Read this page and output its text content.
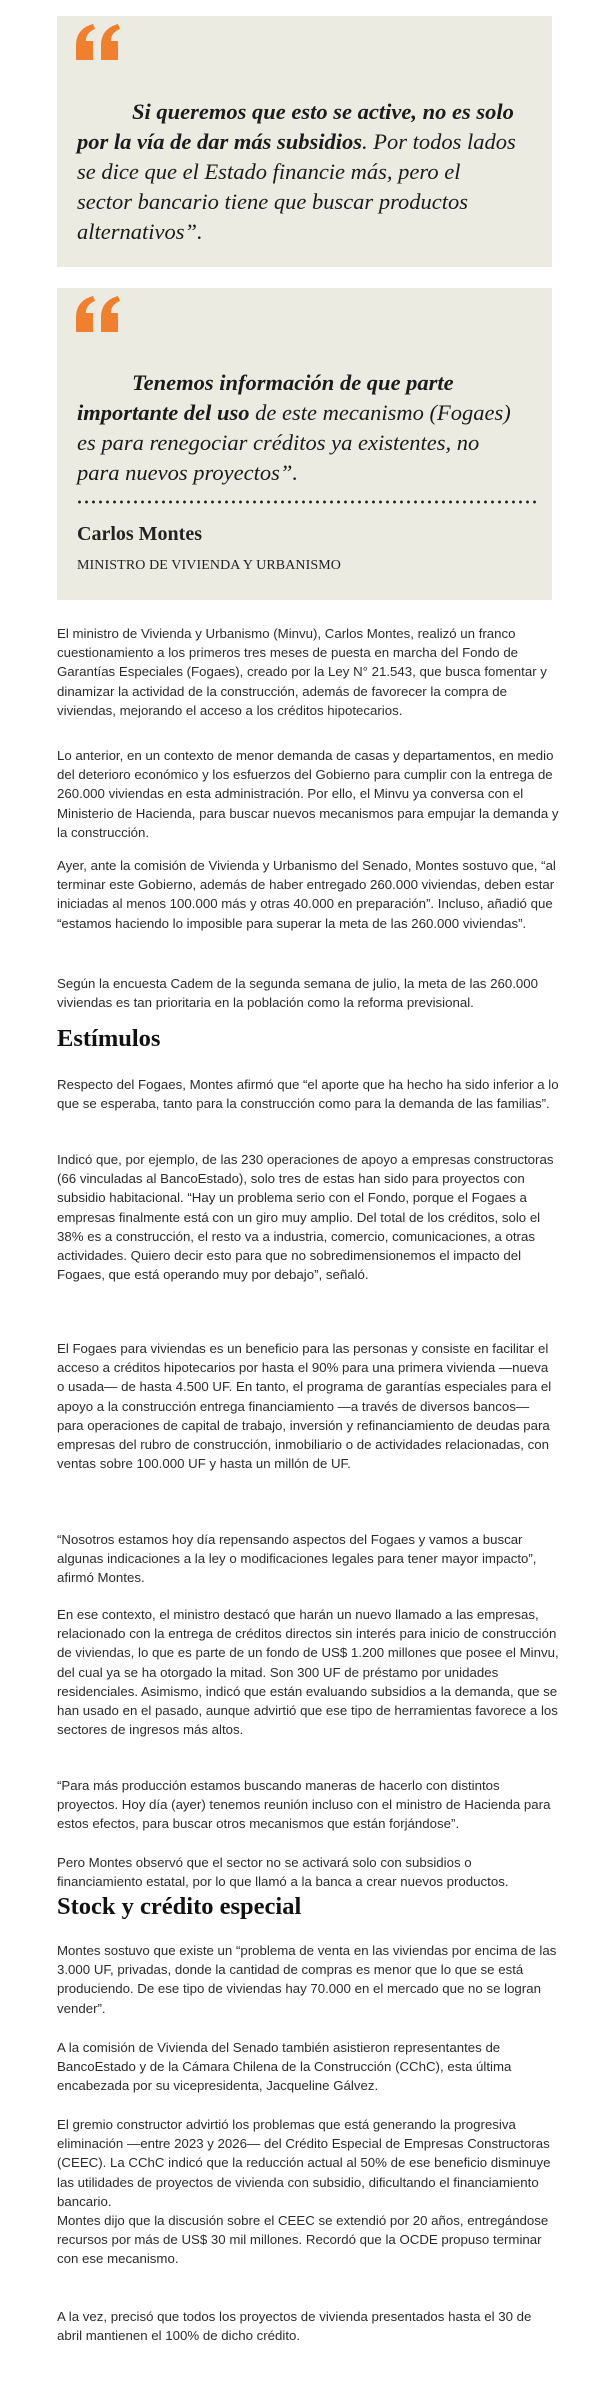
Si queremos que esto se active, no es solo por la vía de dar más subsidios. Por todos lados se dice que el Estado financie más, pero el sector bancario tiene que buscar productos alternativos”.

Tenemos información de que parte importante del uso de este mecanismo (Fogaes) es para renegociar créditos ya existentes, no para nuevos proyectos”.

Carlos Montes
MINISTRO DE VIVIENDA Y URBANISMO

El ministro de Vivienda y Urbanismo (Minvu), Carlos Montes, realizó un franco cuestionamiento a los primeros tres meses de puesta en marcha del Fondo de Garantías Especiales (Fogaes), creado por la Ley N° 21.543, que busca fomentar y dinamizar la actividad de la construcción, además de favorecer la compra de viviendas, mejorando el acceso a los créditos hipotecarios.

Lo anterior, en un contexto de menor demanda de casas y departamentos, en medio del deterioro económico y los esfuerzos del Gobierno para cumplir con la entrega de 260.000 viviendas en esta administración. Por ello, el Minvu ya conversa con el Ministerio de Hacienda, para buscar nuevos mecanismos para empujar la demanda y la construcción.

Ayer, ante la comisión de Vivienda y Urbanismo del Senado, Montes sostuvo que, “al terminar este Gobierno, además de haber entregado 260.000 viviendas, deben estar iniciadas al menos 100.000 más y otras 40.000 en preparación”. Incluso, añadió que “estamos haciendo lo imposible para superar la meta de las 260.000 viviendas”.

Según la encuesta Cadem de la segunda semana de julio, la meta de las 260.000 viviendas es tan prioritaria en la población como la reforma previsional.

Estímulos

Respecto del Fogaes, Montes afirmó que “el aporte que ha hecho ha sido inferior a lo que se esperaba, tanto para la construcción como para la demanda de las familias”.

Indicó que, por ejemplo, de las 230 operaciones de apoyo a empresas constructoras (66 vinculadas al BancoEstado), solo tres de estas han sido para proyectos con subsidio habitacional. “Hay un problema serio con el Fondo, porque el Fogaes a empresas finalmente está con un giro muy amplio. Del total de los créditos, solo el 38% es a construcción, el resto va a industria, comercio, comunicaciones, a otras actividades. Quiero decir esto para que no sobredimensionemos el impacto del Fogaes, que está operando muy por debajo”, señaló.

El Fogaes para viviendas es un beneficio para las personas y consiste en facilitar el acceso a créditos hipotecarios por hasta el 90% para una primera vivienda —nueva o usada— de hasta 4.500 UF. En tanto, el programa de garantías especiales para el apoyo a la construcción entrega financiamiento —a través de diversos bancos— para operaciones de capital de trabajo, inversión y refinanciamiento de deudas para empresas del rubro de construcción, inmobiliario o de actividades relacionadas, con ventas sobre 100.000 UF y hasta un millón de UF.

“Nosotros estamos hoy día repensando aspectos del Fogaes y vamos a buscar algunas indicaciones a la ley o modificaciones legales para tener mayor impacto”, afirmó Montes.

En ese contexto, el ministro destacó que harán un nuevo llamado a las empresas, relacionado con la entrega de créditos directos sin interés para inicio de construcción de viviendas, lo que es parte de un fondo de US$ 1.200 millones que posee el Minvu, del cual ya se ha otorgado la mitad. Son 300 UF de préstamo por unidades residenciales. Asimismo, indicó que están evaluando subsidios a la demanda, que se han usado en el pasado, aunque advirtió que ese tipo de herramientas favorece a los sectores de ingresos más altos.

“Para más producción estamos buscando maneras de hacerlo con distintos proyectos. Hoy día (ayer) tenemos reunión incluso con el ministro de Hacienda para estos efectos, para buscar otros mecanismos que están forjándose”.

Pero Montes observó que el sector no se activará solo con subsidios o financiamiento estatal, por lo que llamó a la banca a crear nuevos productos.

Stock y crédito especial

Montes sostuvo que existe un “problema de venta en las viviendas por encima de las 3.000 UF, privadas, donde la cantidad de compras es menor que lo que se está produciendo. De ese tipo de viviendas hay 70.000 en el mercado que no se logran vender”.

A la comisión de Vivienda del Senado también asistieron representantes de BancoEstado y de la Cámara Chilena de la Construcción (CChC), esta última encabezada por su vicepresidenta, Jacqueline Gálvez.

El gremio constructor advirtió los problemas que está generando la progresiva eliminación —entre 2023 y 2026— del Crédito Especial de Empresas Constructoras (CEEC). La CChC indicó que la reducción actual al 50% de ese beneficio disminuye las utilidades de proyectos de vivienda con subsidio, dificultando el financiamiento bancario.

Montes dijo que la discusión sobre el CEEC se extendió por 20 años, entregándose recursos por más de US$ 30 mil millones. Recordó que la OCDE propuso terminar con ese mecanismo.

A la vez, precisó que todos los proyectos de vivienda presentados hasta el 30 de abril mantienen el 100% de dicho crédito.
